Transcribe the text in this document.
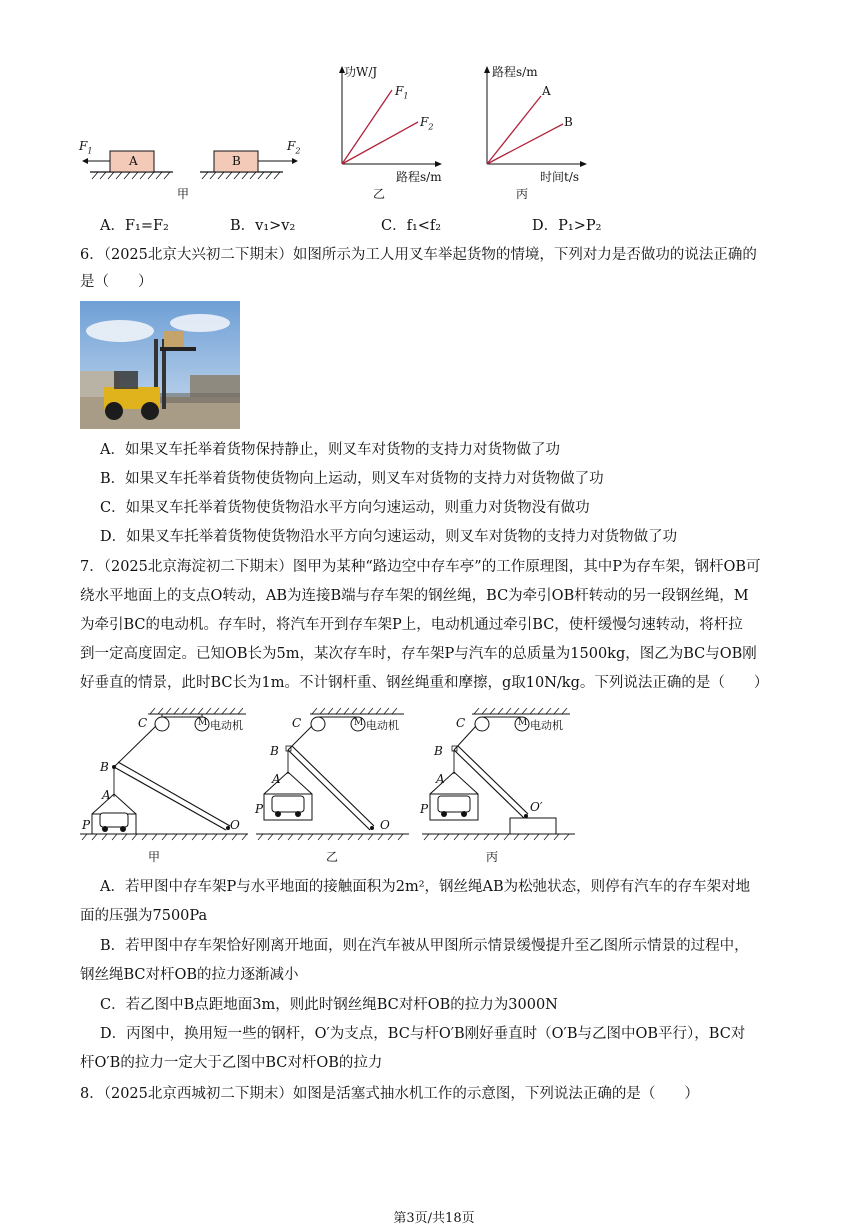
A	B
$F_1$	$F_2$
甲
功W/J
路程s/m
$F_1$
$F_2$
乙
路程s/m
时间t/s
A
B
丙
A．F₁=F₂	B．v₁>v₂	C．f₁<f₂	D．P₁>P₂
6．（2025北京大兴初二下期末）如图所示为工人用叉车举起货物的情境，下列对力是否做功的说法正确的
是（　　）
A．如果叉车托举着货物保持静止，则叉车对货物的支持力对货物做了功
B．如果叉车托举着货物使货物向上运动，则叉车对货物的支持力对货物做了功
C．如果叉车托举着货物使货物沿水平方向匀速运动，则重力对货物没有做功
D．如果叉车托举着货物使货物沿水平方向匀速运动，则叉车对货物的支持力对货物做了功
7．（2025北京海淀初二下期末）图甲为某种“路边空中存车亭”的工作原理图，其中P为存车架，钢杆OB可
绕水平地面上的支点O转动，AB为连接B端与存车架的钢丝绳，BC为牵引OB杆转动的另一段钢丝绳，M
为牵引BC的电动机。存车时，将汽车开到存车架P上，电动机通过牵引BC，使杆缓慢匀速转动，将杆拉
到一定高度固定。已知OB长为5m，某次存车时，存车架P与汽车的总质量为1500kg，图乙为BC与OB刚
好垂直的情景，此时BC长为1m。不计钢杆重、钢丝绳重和摩擦，g取10N/kg。下列说法正确的是（　　）
C	M 电动机
B
A
P	O
甲
C	M 电动机
B
A
P
O
乙
C	M 电动机
B
A
P	O′
丙
A．若甲图中存车架P与水平地面的接触面积为2m²，钢丝绳AB为松弛状态，则停有汽车的存车架对地
面的压强为7500Pa
B．若甲图中存车架恰好刚离开地面，则在汽车被从甲图所示情景缓慢提升至乙图所示情景的过程中，
钢丝绳BC对杆OB的拉力逐渐减小
C．若乙图中B点距地面3m，则此时钢丝绳BC对杆OB的拉力为3000N
D．丙图中，换用短一些的钢杆，O′为支点，BC与杆O′B刚好垂直时（O′B与乙图中OB平行），BC对
杆O′B的拉力一定大于乙图中BC对杆OB的拉力
8．（2025北京西城初二下期末）如图是活塞式抽水机工作的示意图，下列说法正确的是（　　）
第3页/共18页
